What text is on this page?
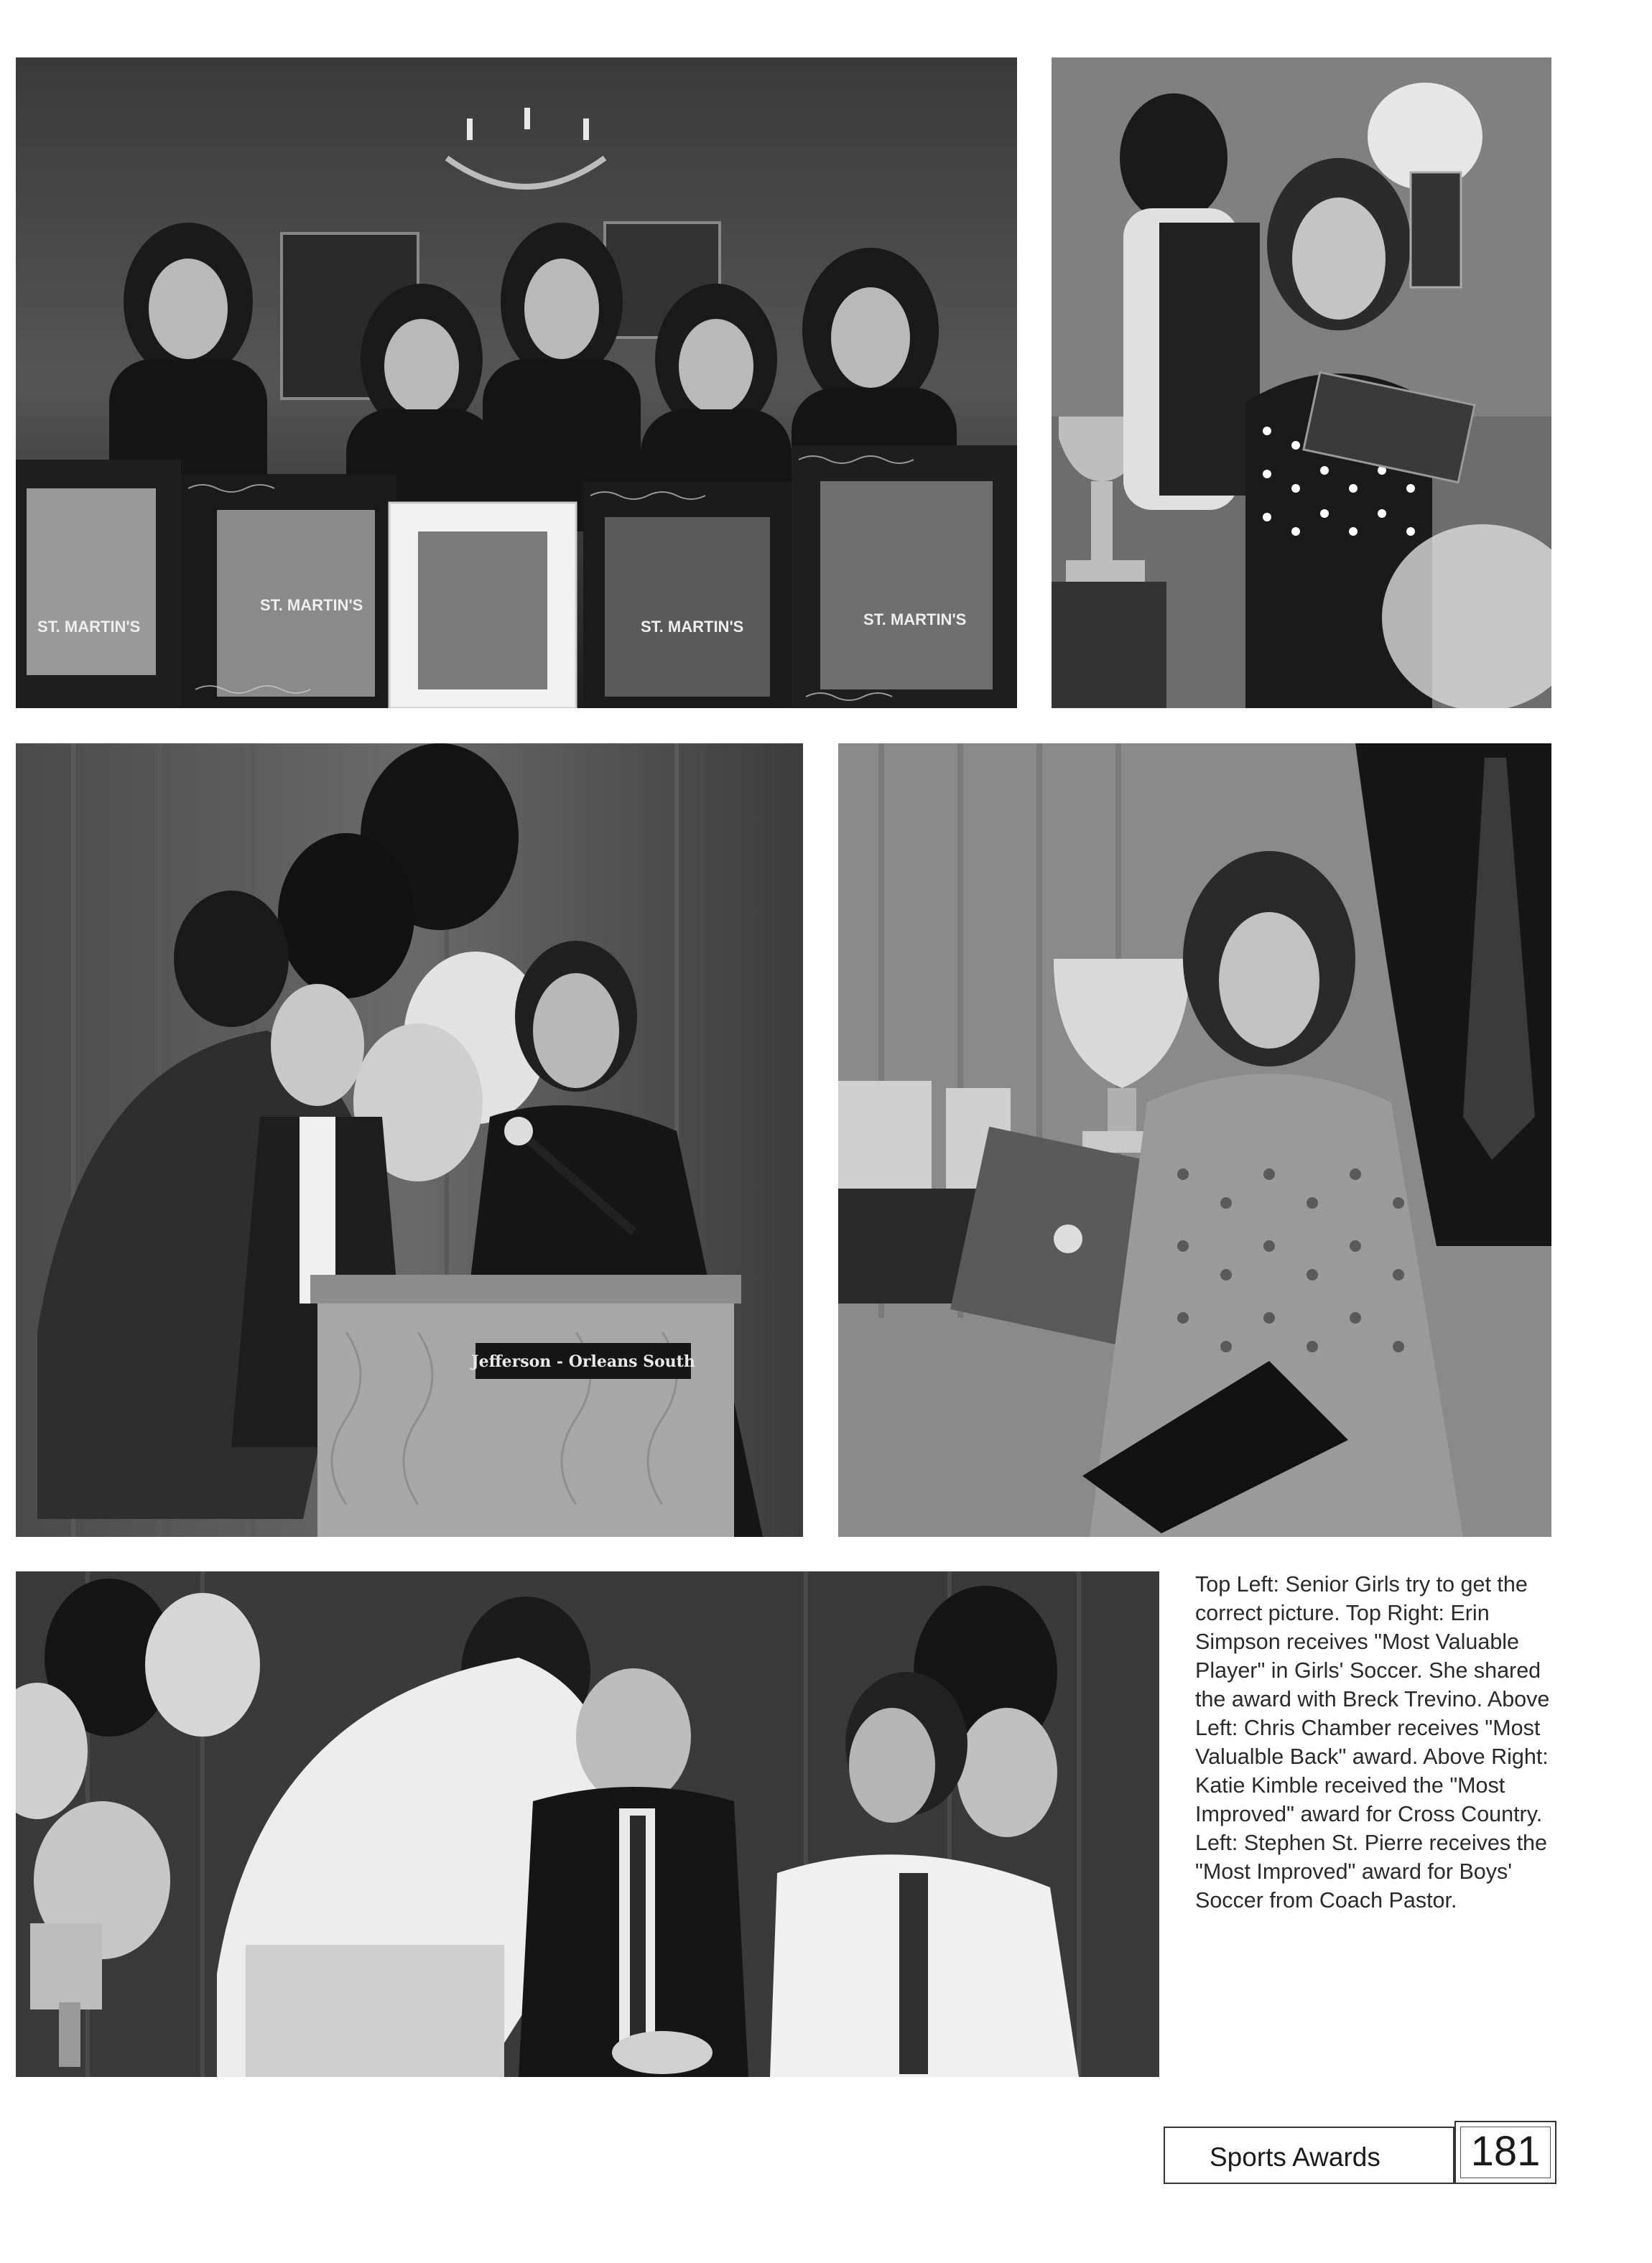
ST. MARTIN'S
ST. MARTIN'S
ST. MARTIN'S	ST. MARTIN'S
Jefferson - Orleans South

Top Left: Senior Girls try to get the correct picture. Top Right: Erin Simpson receives "Most Valuable Player" in Girls' Soccer. She shared the award with Breck Trevino. Above Left: Chris Chamber receives "Most Valualble Back" award. Above Right: Katie Kimble received the "Most Improved" award for Cross Country. Left: Stephen St. Pierre receives the "Most Improved" award for Boys' Soccer from Coach Pastor.

Sports Awards	181
